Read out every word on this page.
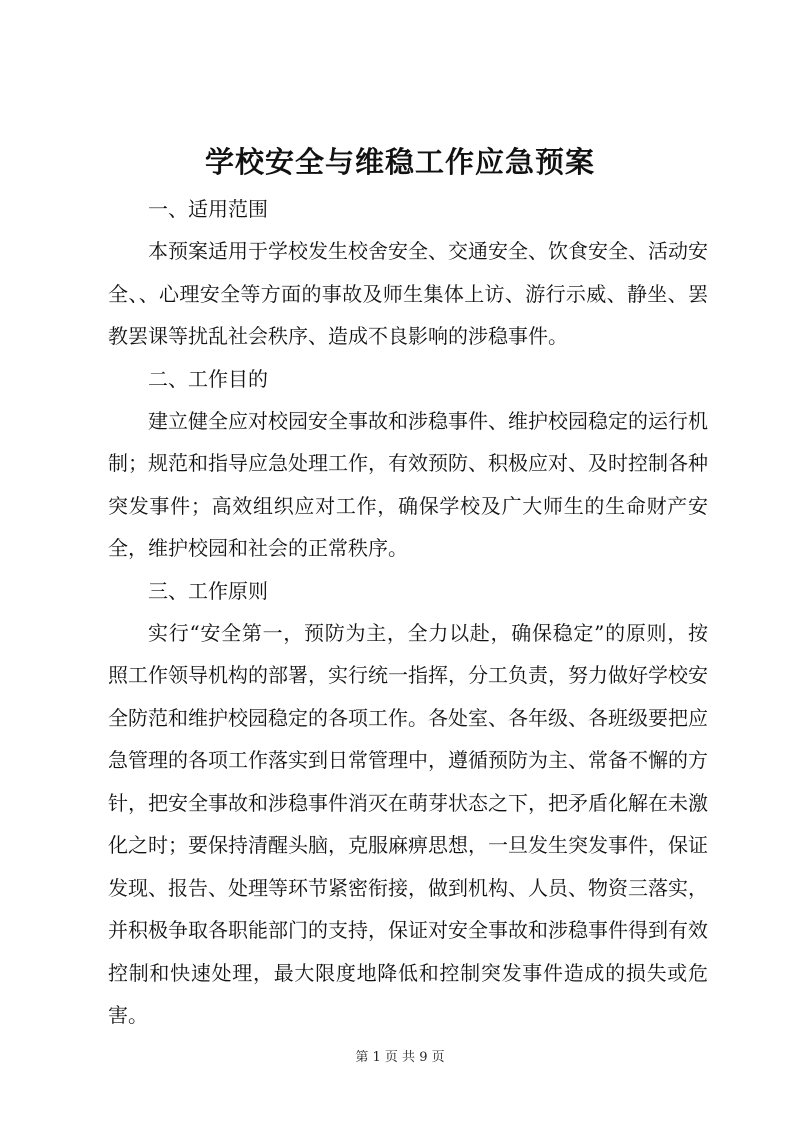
学校安全与维稳工作应急预案

一、适用范围

本预案适用于学校发生校舍安全、交通安全、饮食安全、活动安全、、心理安全等方面的事故及师生集体上访、游行示威、静坐、罢教罢课等扰乱社会秩序、造成不良影响的涉稳事件。

二、工作目的

建立健全应对校园安全事故和涉稳事件、维护校园稳定的运行机制；规范和指导应急处理工作，有效预防、积极应对、及时控制各种突发事件；高效组织应对工作，确保学校及广大师生的生命财产安全，维护校园和社会的正常秩序。

三、工作原则

实行“安全第一，预防为主，全力以赴，确保稳定”的原则，按照工作领导机构的部署，实行统一指挥，分工负责，努力做好学校安全防范和维护校园稳定的各项工作。各处室、各年级、各班级要把应急管理的各项工作落实到日常管理中，遵循预防为主、常备不懈的方针，把安全事故和涉稳事件消灭在萌芽状态之下，把矛盾化解在未激化之时；要保持清醒头脑，克服麻痹思想，一旦发生突发事件，保证发现、报告、处理等环节紧密衔接，做到机构、人员、物资三落实，并积极争取各职能部门的支持，保证对安全事故和涉稳事件得到有效控制和快速处理，最大限度地降低和控制突发事件造成的损失或危害。

第 1 页 共 9 页
